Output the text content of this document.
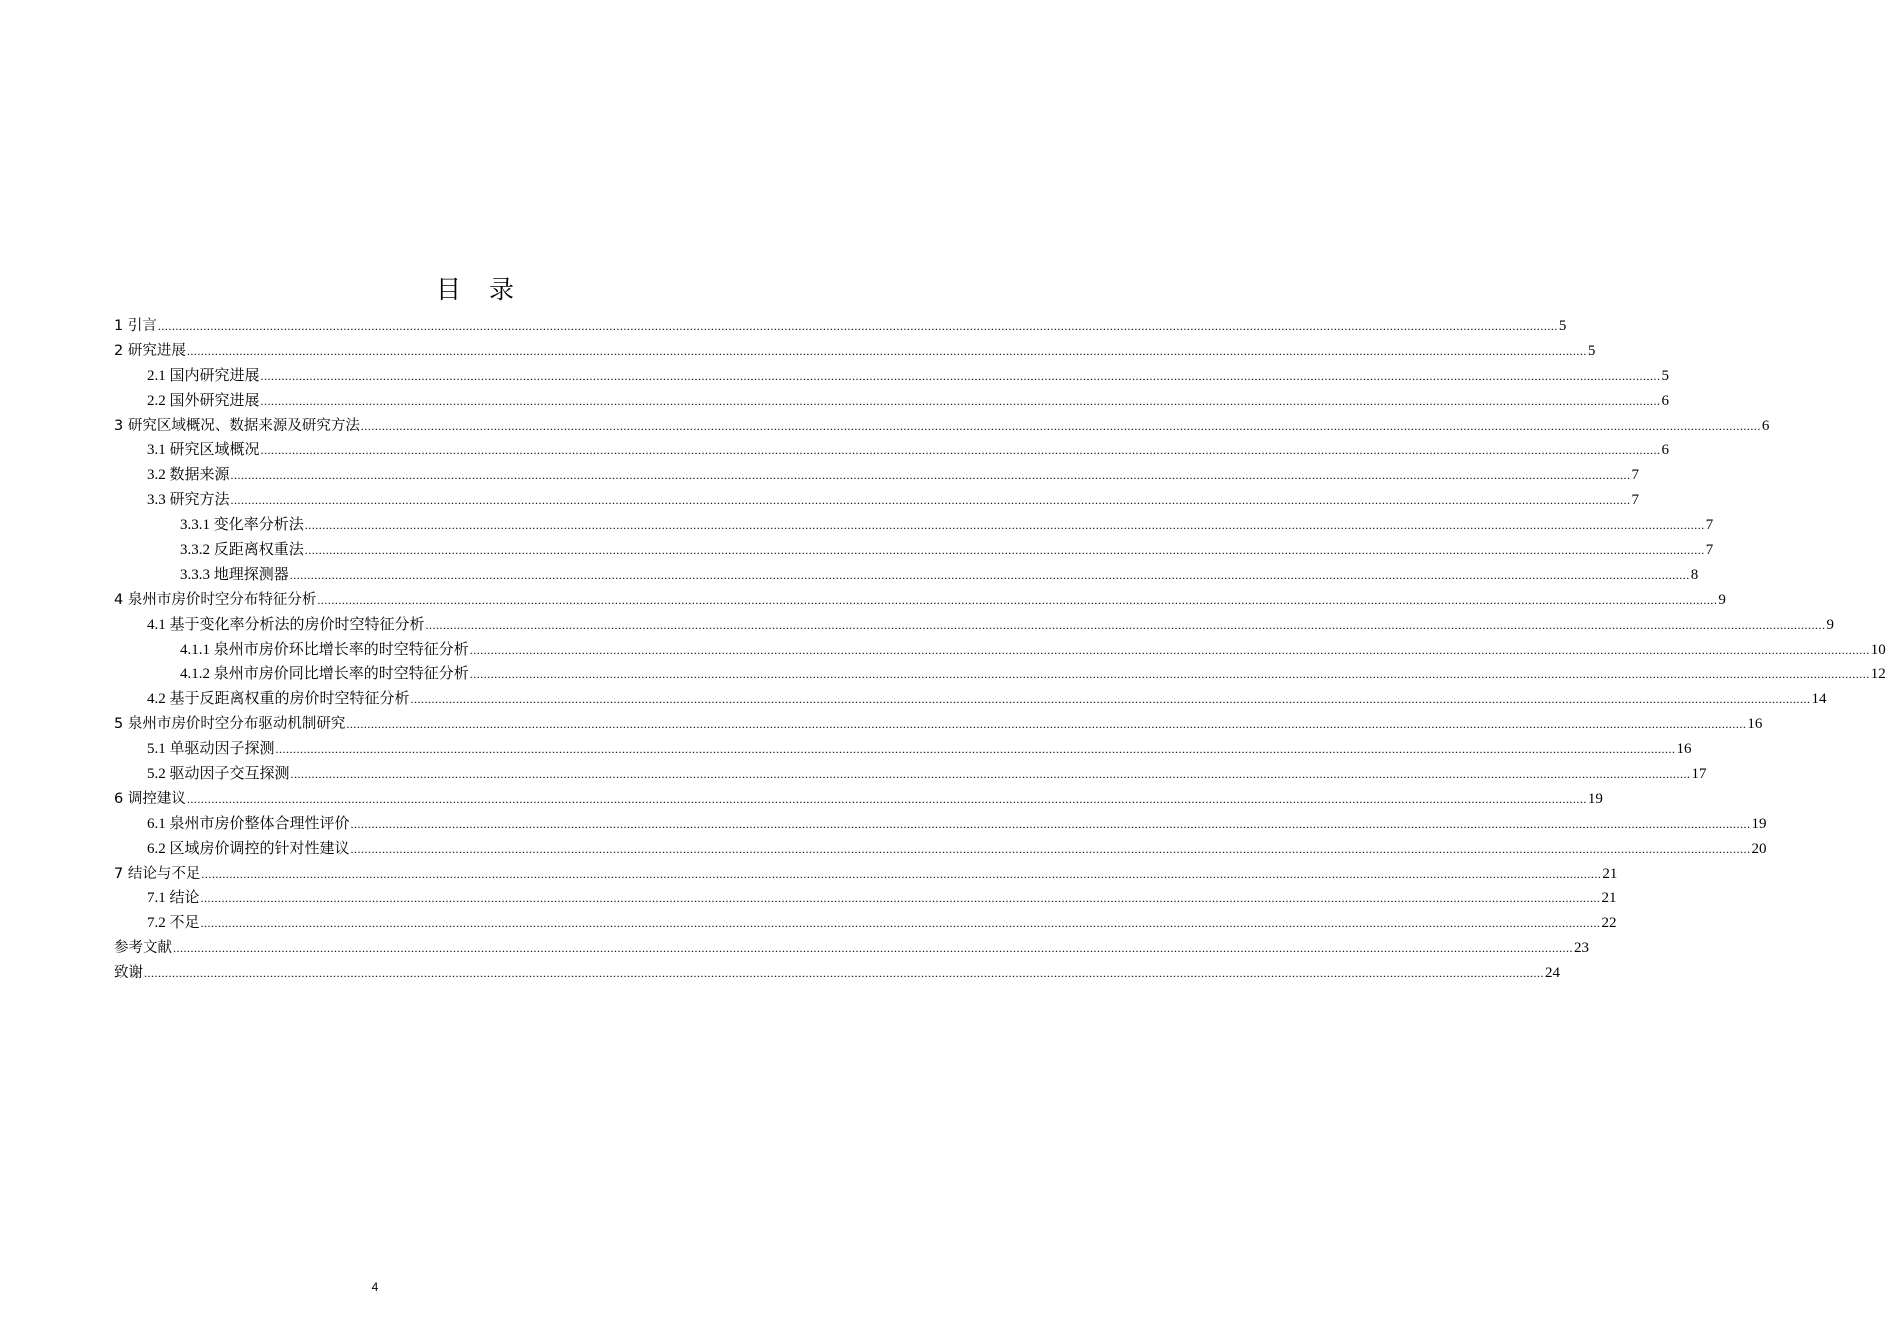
目 录
1 引言 ................................................................................................................................................................................................................................................................................................................................................................................................................ 5
2 研究进展 ................................................................................................................................................................................................................................................................................................................................................................................................................ 5
2.1 国内研究进展 ................................................................................................................................................................................................................................................................................................................................................................................................................ 5
2.2 国外研究进展 ................................................................................................................................................................................................................................................................................................................................................................................................................ 6
3 研究区域概况、数据来源及研究方法 ................................................................................................................................................................................................................................................................................................................................................................................................................ 6
3.1 研究区域概况 ................................................................................................................................................................................................................................................................................................................................................................................................................ 6
3.2 数据来源 ................................................................................................................................................................................................................................................................................................................................................................................................................ 7
3.3 研究方法 ................................................................................................................................................................................................................................................................................................................................................................................................................ 7
3.3.1 变化率分析法 ................................................................................................................................................................................................................................................................................................................................................................................................................ 7
3.3.2 反距离权重法 ................................................................................................................................................................................................................................................................................................................................................................................................................ 7
3.3.3 地理探测器 ................................................................................................................................................................................................................................................................................................................................................................................................................ 8
4 泉州市房价时空分布特征分析 ................................................................................................................................................................................................................................................................................................................................................................................................................ 9
4.1 基于变化率分析法的房价时空特征分析 ................................................................................................................................................................................................................................................................................................................................................................................................................ 9
4.1.1 泉州市房价环比增长率的时空特征分析 ................................................................................................................................................................................................................................................................................................................................................................................................................ 10
4.1.2 泉州市房价同比增长率的时空特征分析 ................................................................................................................................................................................................................................................................................................................................................................................................................ 12
4.2 基于反距离权重的房价时空特征分析 ................................................................................................................................................................................................................................................................................................................................................................................................................ 14
5 泉州市房价时空分布驱动机制研究 ................................................................................................................................................................................................................................................................................................................................................................................................................ 16
5.1 单驱动因子探测 ................................................................................................................................................................................................................................................................................................................................................................................................................ 16
5.2 驱动因子交互探测 ................................................................................................................................................................................................................................................................................................................................................................................................................ 17
6 调控建议 ................................................................................................................................................................................................................................................................................................................................................................................................................ 19
6.1 泉州市房价整体合理性评价 ................................................................................................................................................................................................................................................................................................................................................................................................................ 19
6.2 区域房价调控的针对性建议 ................................................................................................................................................................................................................................................................................................................................................................................................................ 20
7 结论与不足 ................................................................................................................................................................................................................................................................................................................................................................................................................ 21
7.1 结论 ................................................................................................................................................................................................................................................................................................................................................................................................................ 21
7.2 不足 ................................................................................................................................................................................................................................................................................................................................................................................................................ 22
参考文献 ................................................................................................................................................................................................................................................................................................................................................................................................................ 23
致谢 ................................................................................................................................................................................................................................................................................................................................................................................................................ 24
4
